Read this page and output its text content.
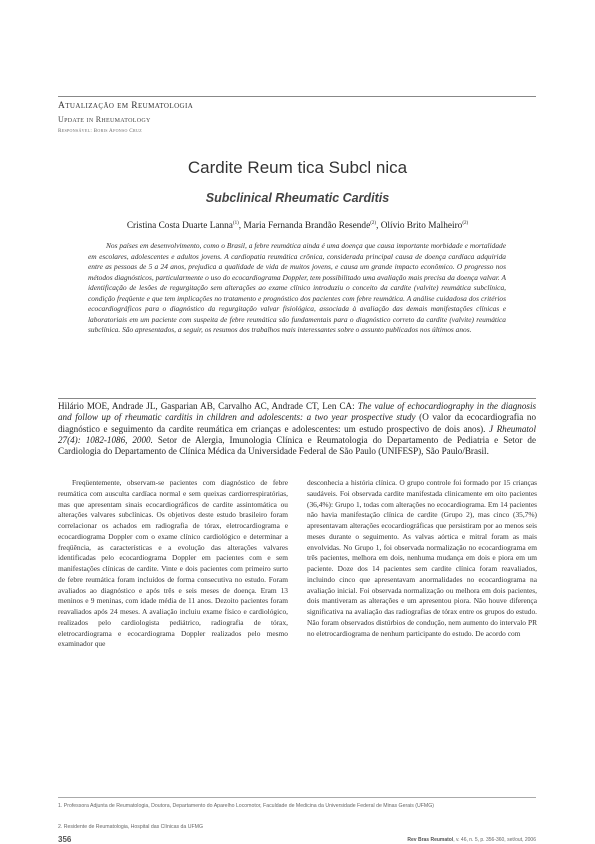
Atualização em Reumatologia
Update in Rheumatology
Responsável: Boris Afonso Cruz
Cardite Reum tica Subcl nica
Subclinical Rheumatic Carditis
Cristina Costa Duarte Lanna$^{(1)}$, Maria Fernanda Brandão Resende$^{(2)}$, Olívio Brito Malheiro$^{(2)}$

Nos países em desenvolvimento, como o Brasil, a febre reumática ainda é uma doença que causa importante morbidade e mortalidade em escolares, adolescentes e adultos jovens. A cardiopatia reumática crônica, considerada principal causa de doença cardíaca adquirida entre as pessoas de 5 a 24 anos, prejudica a qualidade de vida de muitos jovens, e causa um grande impacto econômico. O progresso nos métodos diagnósticos, particularmente o uso do ecocardiograma Doppler, tem possibilitado uma avaliação mais precisa da doença valvar. A identificação de lesões de regurgitação sem alterações ao exame clínico introduziu o conceito da cardite (valvite) reumática subclínica, condição freqüente e que tem implicações no tratamento e prognóstico dos pacientes com febre reumática. A análise cuidadosa dos critérios ecocardiográficos para o diagnóstico da regurgitação valvar fisiológica, associada à avaliação das demais manifestações clínicas e laboratoriais em um paciente com suspeita de febre reumática são fundamentais para o diagnóstico correto da cardite (valvite) reumática subclínica. São apresentados, a seguir, os resumos dos trabalhos mais interessantes sobre o assunto publicados nos últimos anos.

Hilário MOE, Andrade JL, Gasparian AB, Carvalho AC, Andrade CT, Len CA: The value of echocardiography in the diagnosis and follow up of rheumatic carditis in children and adolescents: a two year prospective study (O valor da ecocardiografia no diagnóstico e seguimento da cardite reumática em crianças e adolescentes: um estudo prospectivo de dois anos). J Rheumatol 27(4): 1082-1086, 2000. Setor de Alergia, Imunologia Clínica e Reumatologia do Departamento de Pediatria e Setor de Cardiologia do Departamento de Clínica Médica da Universidade Federal de São Paulo (UNIFESP), São Paulo/Brasil.

Freqüentemente, observam-se pacientes com diagnóstico de febre reumática com ausculta cardíaca normal e sem queixas cardiorrespiratórias, mas que apresentam sinais ecocardiográficos de cardite assintomática ou alterações valvares subclínicas. Os objetivos deste estudo brasileiro foram correlacionar os achados em radiografia de tórax, eletrocardiograma e ecocardiograma Doppler com o exame clínico cardiológico e determinar a freqüência, as características e a evolução das alterações valvares identificadas pelo ecocardiograma Doppler em pacientes com e sem manifestações clínicas de cardite. Vinte e dois pacientes com primeiro surto de febre reumática foram incluídos de forma consecutiva no estudo. Foram avaliados ao diagnóstico e após três e seis meses de doença. Eram 13 meninos e 9 meninas, com idade média de 11 anos. Dezoito pacientes foram reavaliados após 24 meses. A avaliação incluiu exame físico e cardiológico, realizados pelo cardiologista pediátrico, radiografia de tórax, eletrocardiograma e ecocardiograma Doppler realizados pelo mesmo examinador que

desconhecia a história clínica. O grupo controle foi formado por 15 crianças saudáveis. Foi observada cardite manifestada clinicamente em oito pacientes (36,4%): Grupo 1, todas com alterações no ecocardiograma. Em 14 pacientes não havia manifestação clínica de cardite (Grupo 2), mas cinco (35,7%) apresentavam alterações ecocardiográficas que persistiram por ao menos seis meses durante o seguimento. As valvas aórtica e mitral foram as mais envolvidas. No Grupo 1, foi observada normalização no ecocardiograma em três pacientes, melhora em dois, nenhuma mudança em dois e piora em um paciente. Doze dos 14 pacientes sem cardite clínica foram reavaliados, incluindo cinco que apresentavam anormalidades no ecocardiograma na avaliação inicial. Foi observada normalização ou melhora em dois pacientes, dois mantiveram as alterações e um apresentou piora. Não houve diferença significativa na avaliação das radiografias de tórax entre os grupos do estudo. Não foram observados distúrbios de condução, nem aumento do intervalo PR no eletrocardiograma de nenhum participante do estudo. De acordo com

1. Professora Adjunta de Reumatologia, Doutora, Departamento do Aparelho Locomotor, Faculdade de Medicina da Universidade Federal de Minas Gerais (UFMG)

2. Residente de Reumatologia, Hospital das Clínicas da UFMG

356	Rev Bras Reumatol, v. 46, n. 5, p. 356-360, set/out, 2006
